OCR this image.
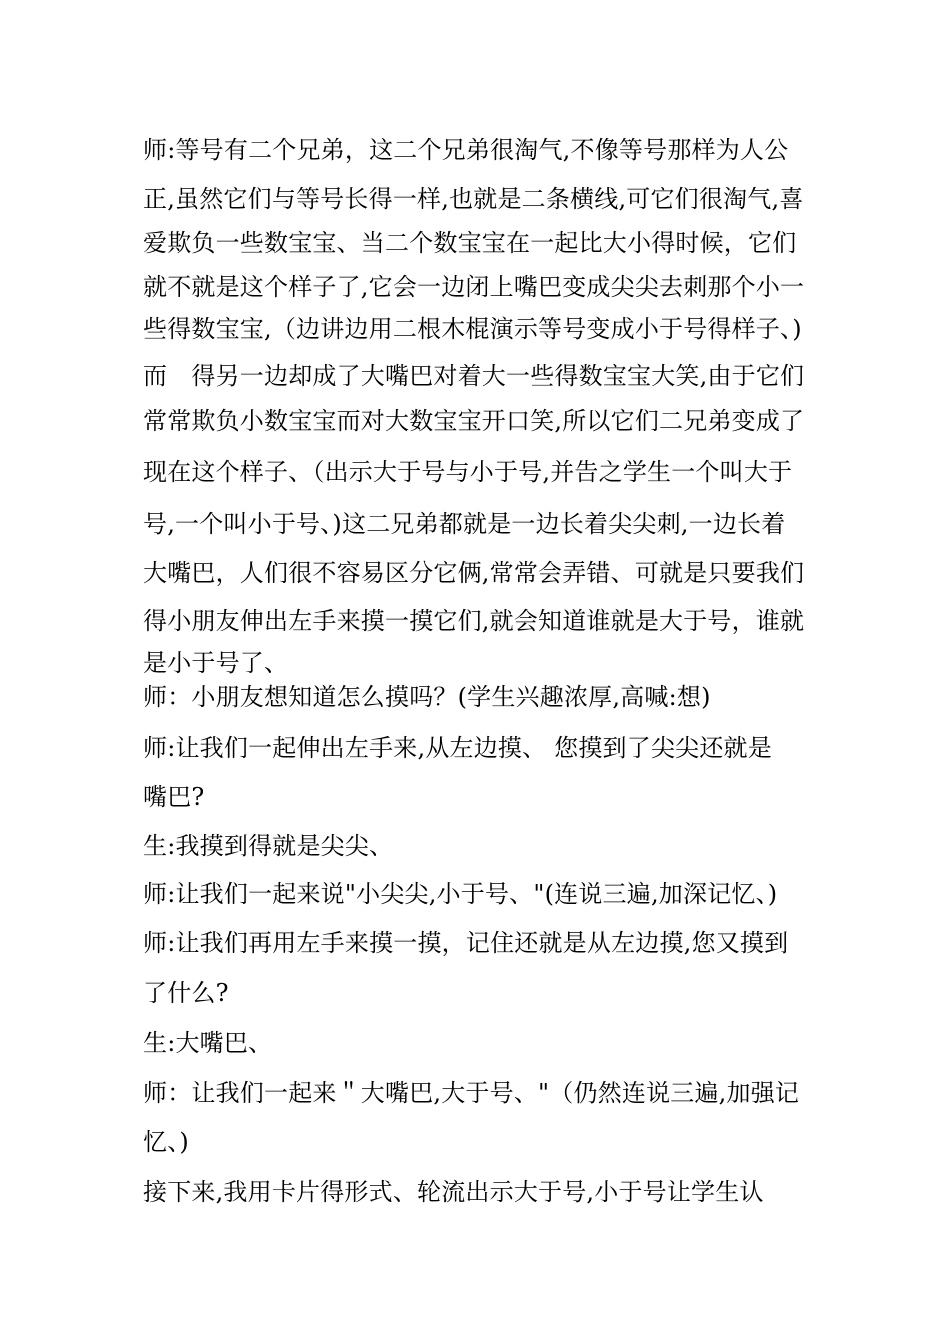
师:等号有二个兄弟，这二个兄弟很淘气,不像等号那样为人公
正,虽然它们与等号长得一样,也就是二条横线,可它们很淘气,喜
爱欺负一些数宝宝、当二个数宝宝在一起比大小得时候，它们
就不就是这个样子了,它会一边闭上嘴巴变成尖尖去刺那个小一
些得数宝宝,（边讲边用二根木棍演示等号变成小于号得样子、)
而　得另一边却成了大嘴巴对着大一些得数宝宝大笑,由于它们
常常欺负小数宝宝而对大数宝宝开口笑,所以它们二兄弟变成了
现在这个样子、（出示大于号与小于号,并告之学生一个叫大于
号,一个叫小于号、)这二兄弟都就是一边长着尖尖刺,一边长着
大嘴巴，人们很不容易区分它俩,常常会弄错、可就是只要我们
得小朋友伸出左手来摸一摸它们,就会知道谁就是大于号，谁就
是小于号了、
师：小朋友想知道怎么摸吗？(学生兴趣浓厚,高喊:想)
师:让我们一起伸出左手来,从左边摸、 您摸到了尖尖还就是
嘴巴?
生:我摸到得就是尖尖、
师:让我们一起来说"小尖尖,小于号、"(连说三遍,加深记忆、)
师:让我们再用左手来摸一摸，记住还就是从左边摸,您又摸到
了什么?
生:大嘴巴、
师：让我们一起来＂大嘴巴,大于号、"（仍然连说三遍,加强记
忆、)
接下来,我用卡片得形式、轮流出示大于号,小于号让学生认
